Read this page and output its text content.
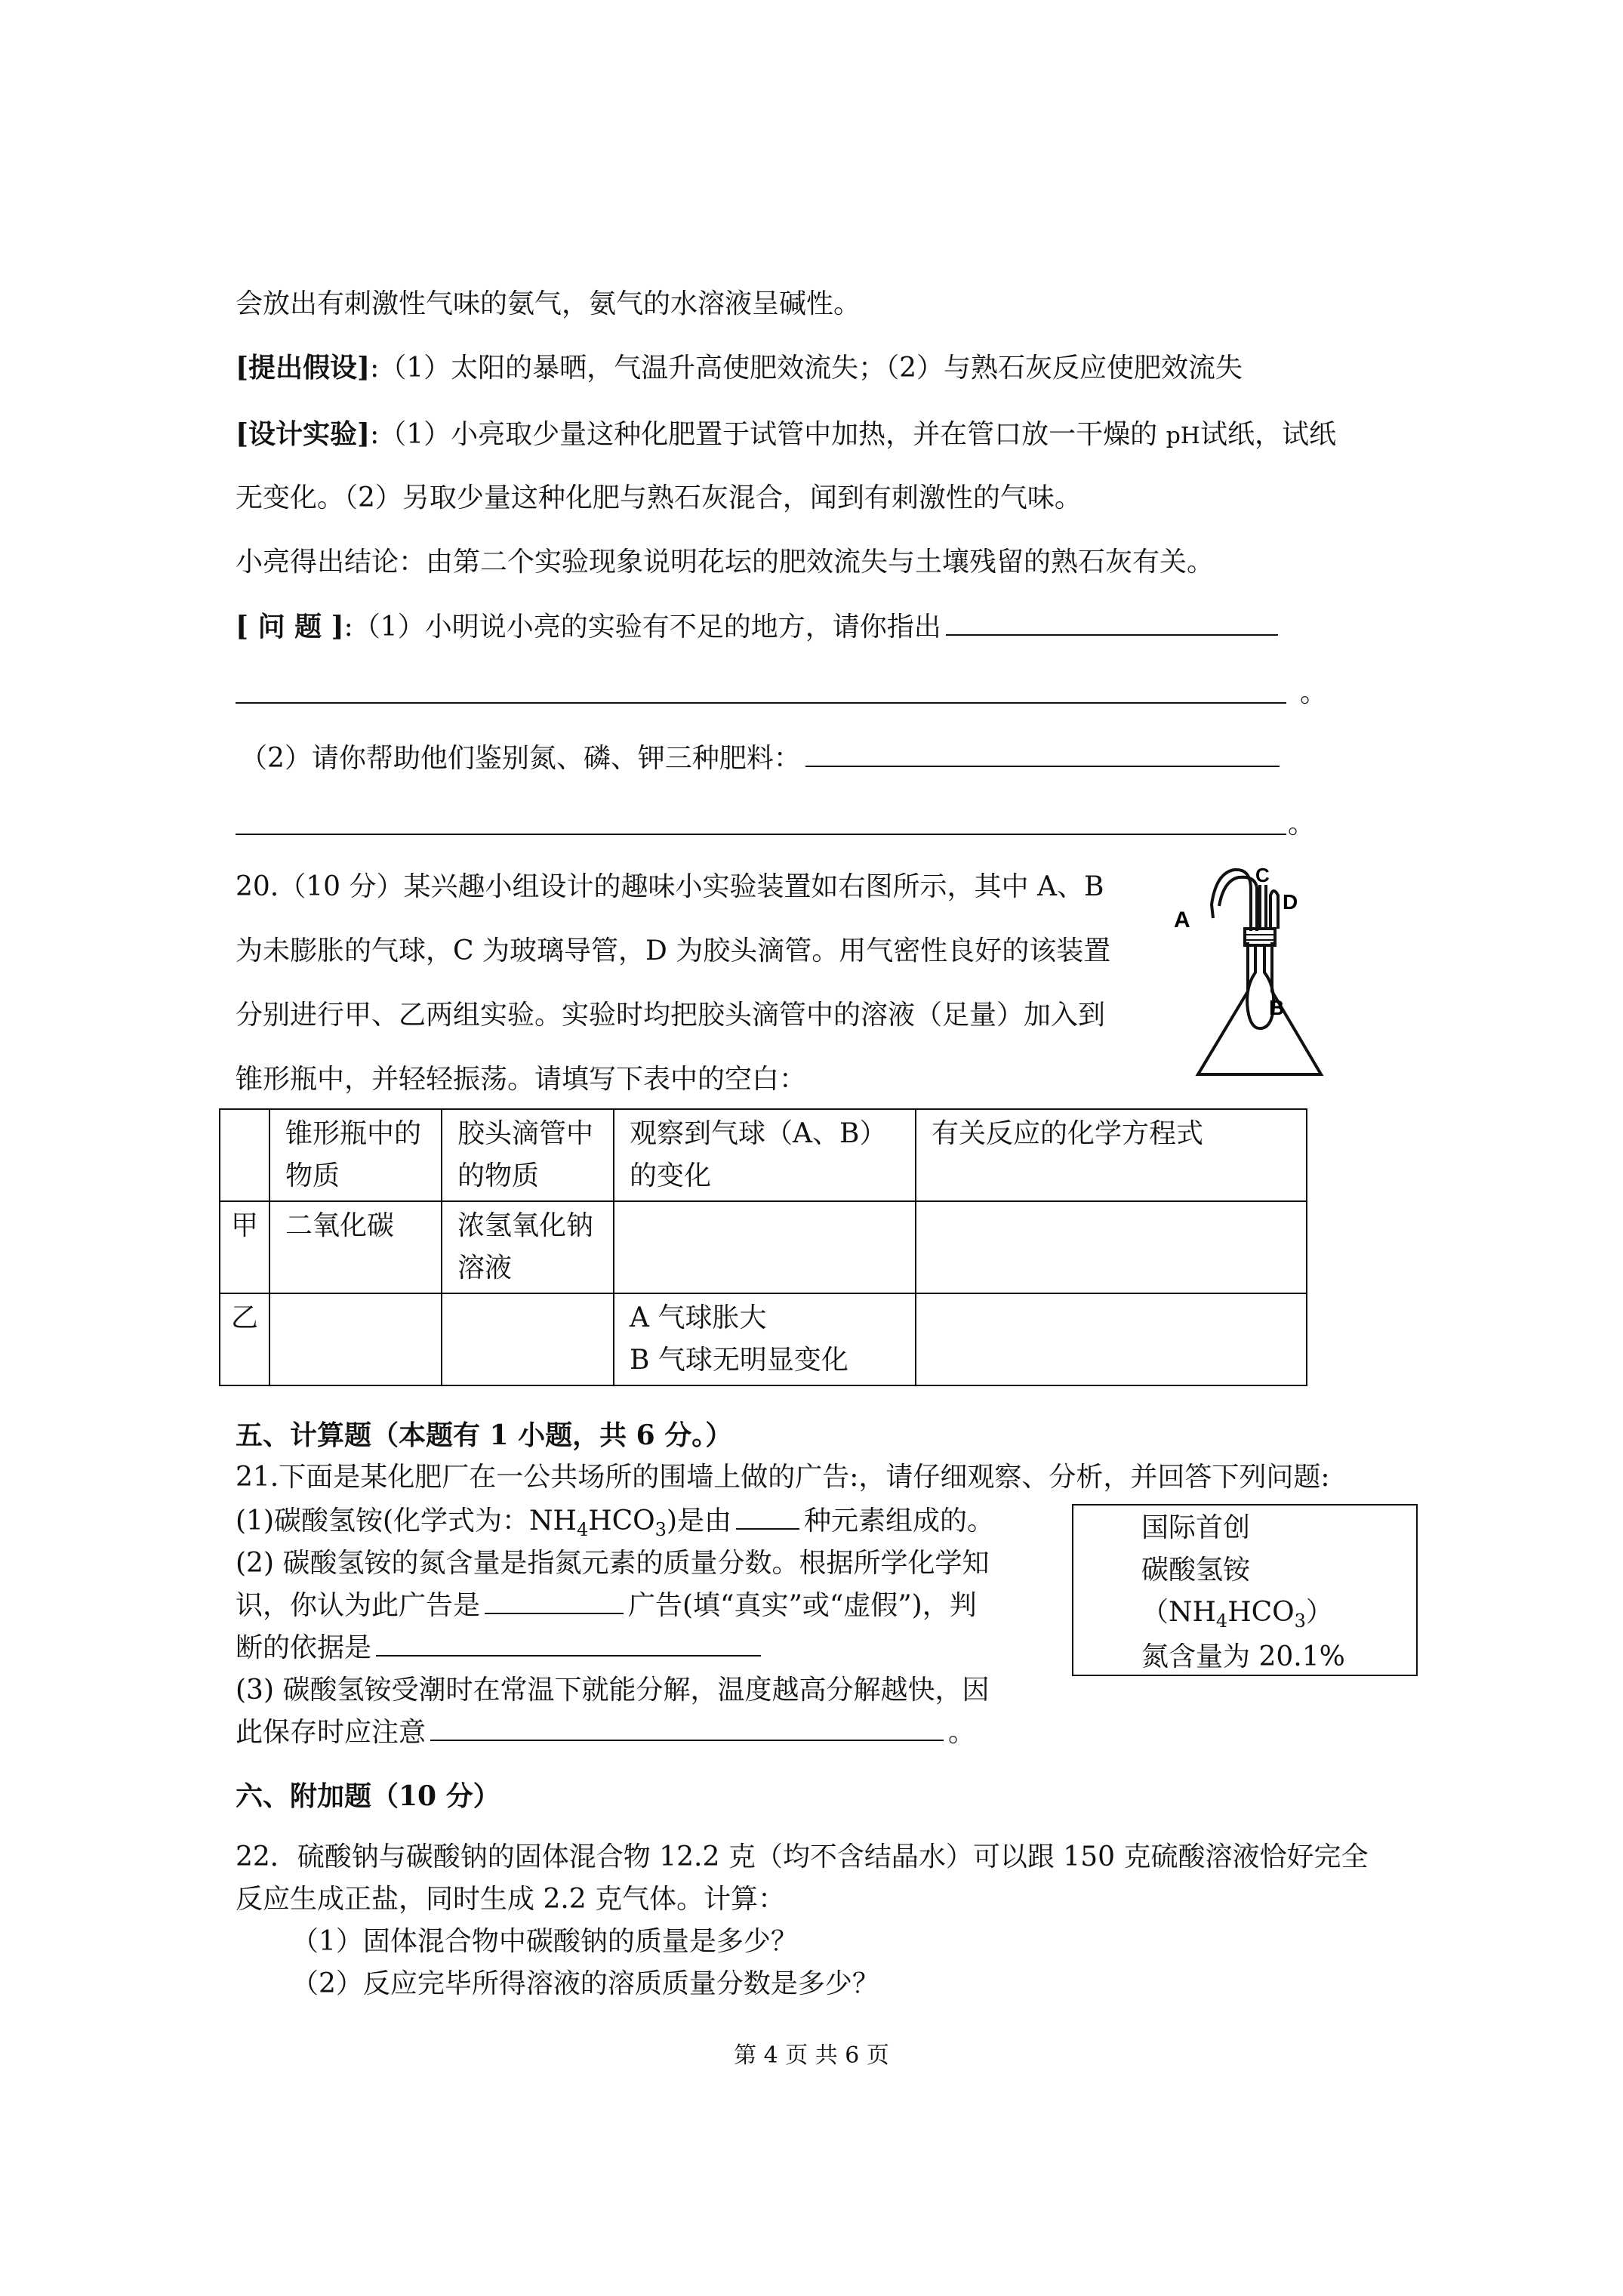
会放出有刺激性气味的氨气，氨气的水溶液呈碱性。
[提出假设]:（1）太阳的暴晒，气温升高使肥效流失；（2）与熟石灰反应使肥效流失
[设计实验]:（1）小亮取少量这种化肥置于试管中加热，并在管口放一干燥的 pH试纸，试纸
无变化。（2）另取少量这种化肥与熟石灰混合，闻到有刺激性的气味。
小亮得出结论：由第二个实验现象说明花坛的肥效流失与土壤残留的熟石灰有关。
[ 问 题 ]:（1）小明说小亮的实验有不足的地方，请你指出
。
（2）请你帮助他们鉴别氮、磷、钾三种肥料：
。
20.（10 分）某兴趣小组设计的趣味小实验装置如右图所示，其中 A、B
为未膨胀的气球，C 为玻璃导管，D 为胶头滴管。用气密性良好的该装置
分别进行甲、乙两组实验。实验时均把胶头滴管中的溶液（足量）加入到
锥形瓶中，并轻轻振荡。请填写下表中的空白：
A
B
C
D
	锥形瓶中的物质	胶头滴管中的物质	观察到气球（A、B）的变化	有关反应的化学方程式
甲	二氧化碳	浓氢氧化钠溶液		
乙			A 气球胀大
B 气球无明显变化	

五、计算题（本题有 1 小题，共 6 分。）
21.下面是某化肥厂在一公共场所的围墙上做的广告:，请仔细观察、分析，并回答下列问题:
(1)碳酸氢铵(化学式为：$NH_4HCO_3$)是由	种元素组成的。
(2) 碳酸氢铵的氮含量是指氮元素的质量分数。根据所学化学知
识，你认为此广告是	广告(填“真实”或“虚假”)，判
断的依据是
(3) 碳酸氢铵受潮时在常温下就能分解，温度越高分解越快，因
此保存时应注意	。
国际首创
碳酸氢铵
$(NH_4HCO_3)$
氮含量为 20.1%
六、附加题（10 分）
22．硫酸钠与碳酸钠的固体混合物 12.2 克（均不含结晶水）可以跟 150 克硫酸溶液恰好完全
反应生成正盐，同时生成 2.2 克气体。计算：
（1）固体混合物中碳酸钠的质量是多少？
（2）反应完毕所得溶液的溶质质量分数是多少？
第 4 页 共 6 页
